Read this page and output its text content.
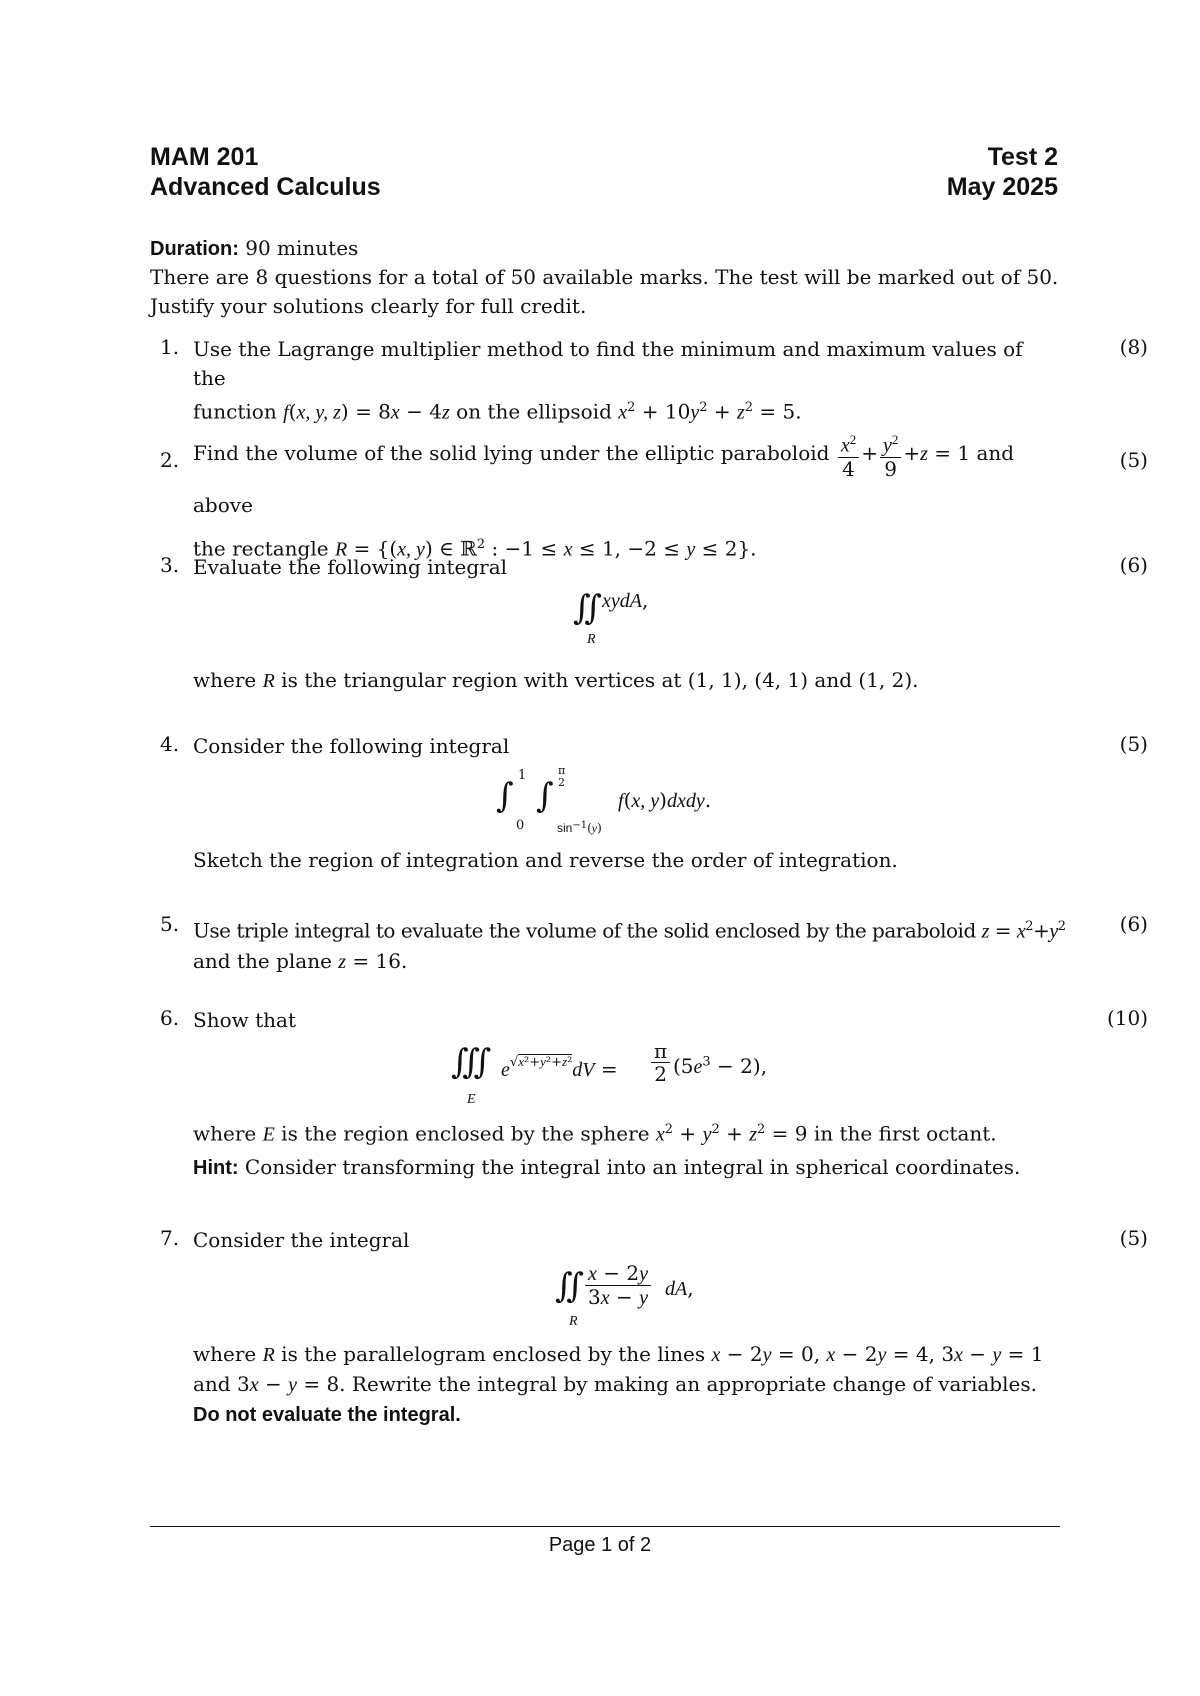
MAM 201
Advanced Calculus
Test 2
May 2025
Duration: 90 minutes
There are 8 questions for a total of 50 available marks. The test will be marked out of 50.
Justify your solutions clearly for full credit.
1.	(8)
Use the Lagrange multiplier method to find the minimum and maximum values of the
function f(x, y, z) = 8x − 4z on the ellipsoid $x^2 + 10y^2 + z^2 = 5$.
2.	(5)
Find the volume of the solid lying under the elliptic paraboloid $\frac{x^2}{4} + \frac{y^2}{9} +z = 1$ and above
the rectangle R = {(x, y) ∈ ℝ$^2$ : −1 ≤ x ≤ 1, −2 ≤ y ≤ 2}.
3.	(6)
Evaluate the following integral
∬xydA,
R
where R is the triangular region with vertices at (1, 1), (4, 1) and (1, 2).
4.	(5)
Consider the following integral
∫
1
0
∫
π
2
$\sin^{-1}(y)$
f(x, y)dxdy.
Sketch the region of integration and reverse the order of integration.
5.	(6)
Use triple integral to evaluate the volume of the solid enclosed by the paraboloid $z = x^2+y^2$
and the plane z = 16.
6.	(10)
Show that
∭
E
$e^{√x^2+y^2+z^2}dV = \frac{\pi}{2} (5e^3 - 2)$,
where E is the region enclosed by the sphere $x^2 + y^2 + z^2 = 9$ in the first octant.
Hint: Consider transforming the integral into an integral in spherical coordinates.
7.	(5)
Consider the integral
∬
R
$\frac{x - 2y}{3x - y}$ dA,
where R is the parallelogram enclosed by the lines x − 2y = 0, x − 2y = 4, 3x − y = 1
and 3x − y = 8. Rewrite the integral by making an appropriate change of variables. Do not evaluate the integral.
Page 1 of 2
